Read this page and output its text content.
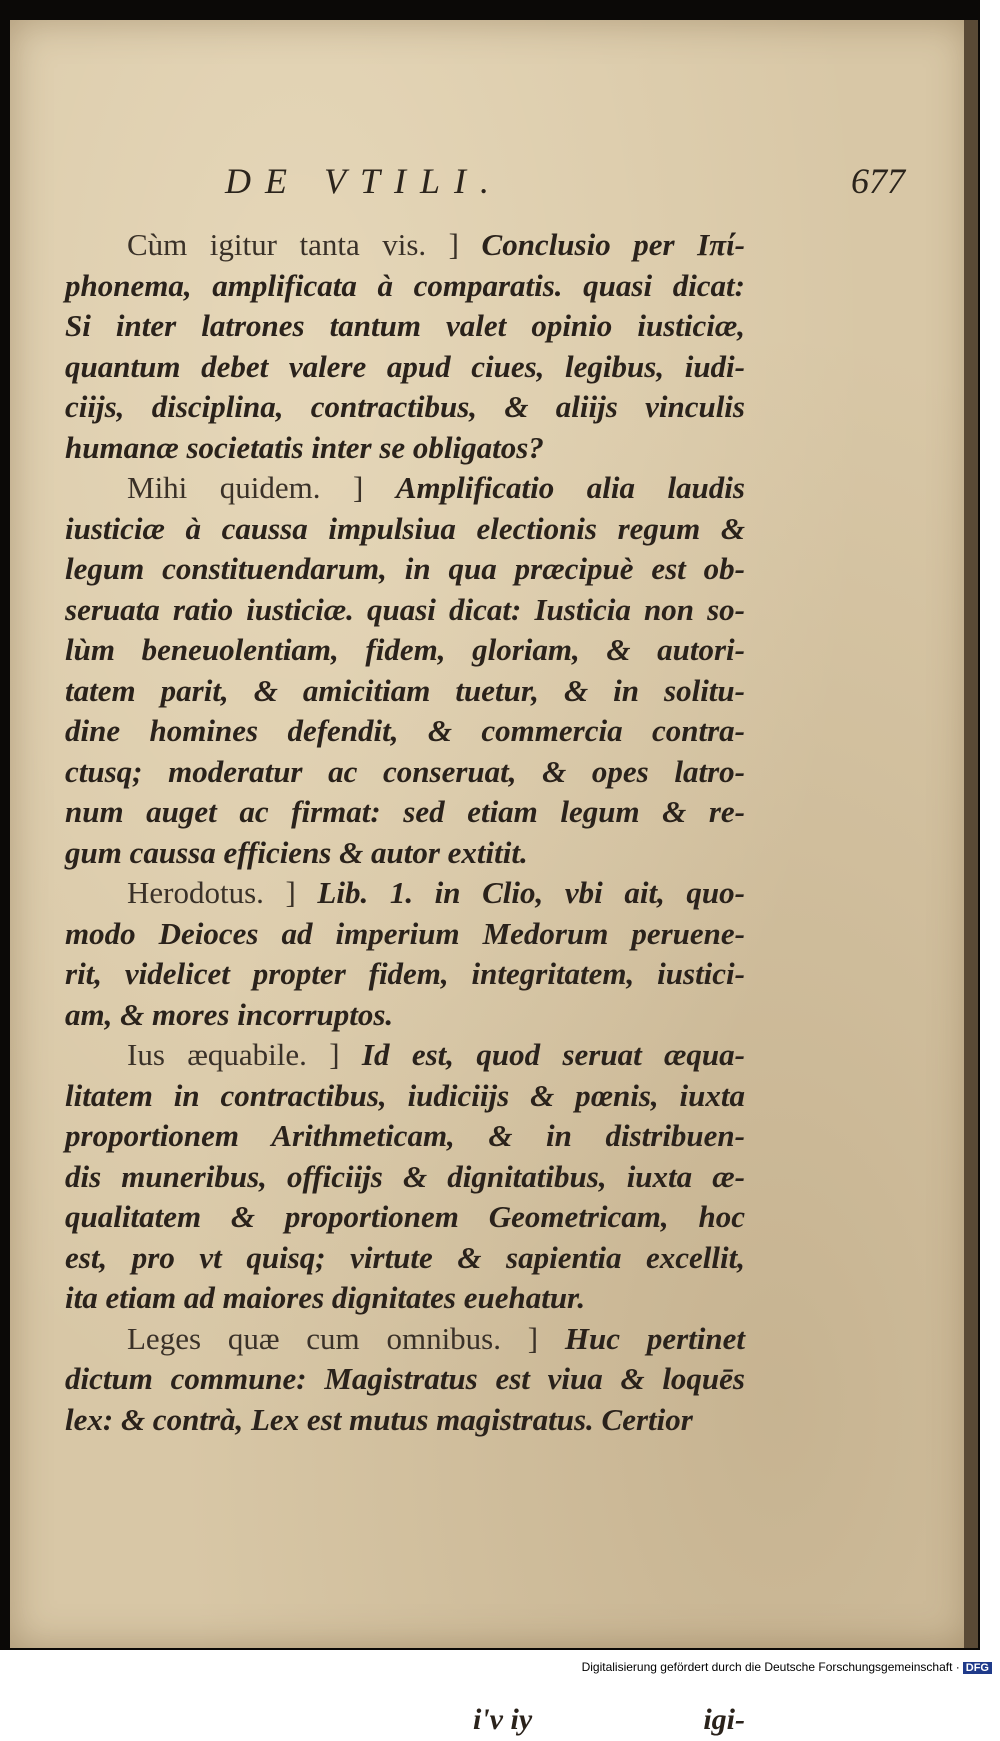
DE VTILI.	677
Cùm igitur tanta vis. ] Conclusio per Ιπί-
phonema, amplificata à comparatis. quasi dicat:
Si inter latrones tantum valet opinio iusticiæ,
quantum debet valere apud ciues, legibus, iudi-
ciijs, disciplina, contractibus, & aliijs vinculis
humanæ societatis inter se obligatos?
Mihi quidem. ] Amplificatio alia laudis
iusticiæ à caussa impulsiua electionis regum &
legum constituendarum, in qua præcipuè est ob-
seruata ratio iusticiæ. quasi dicat: Iusticia non so-
lùm beneuolentiam, fidem, gloriam, & autori-
tatem parit, & amicitiam tuetur, & in solitu-
dine homines defendit, & commercia contra-
ctusq; moderatur ac conseruat, & opes latro-
num auget ac firmat: sed etiam legum & re-
gum caussa efficiens & autor extitit.
Herodotus. ] Lib. 1. in Clio, vbi ait, quo-
modo Deioces ad imperium Medorum peruene-
rit, videlicet propter fidem, integritatem, iustici-
am, & mores incorruptos.
Ius æquabile. ] Id est, quod seruat æqua-
litatem in contractibus, iudiciijs & pœnis, iuxta
proportionem Arithmeticam, & in distribuen-
dis muneribus, officiijs & dignitatibus, iuxta æ-
qualitatem & proportionem Geometricam, hoc
est, pro vt quisq; virtute & sapientia excellit,
ita etiam ad maiores dignitates euehatur.
Leges quæ cum omnibus. ] Huc pertinet
dictum commune: Magistratus est viua & loquēs
lex: & contrà, Lex est mutus magistratus. Certior
i'v iy	igi-
Digitalisierung gefördert durch die Deutsche Forschungsgemeinschaft · DFG
